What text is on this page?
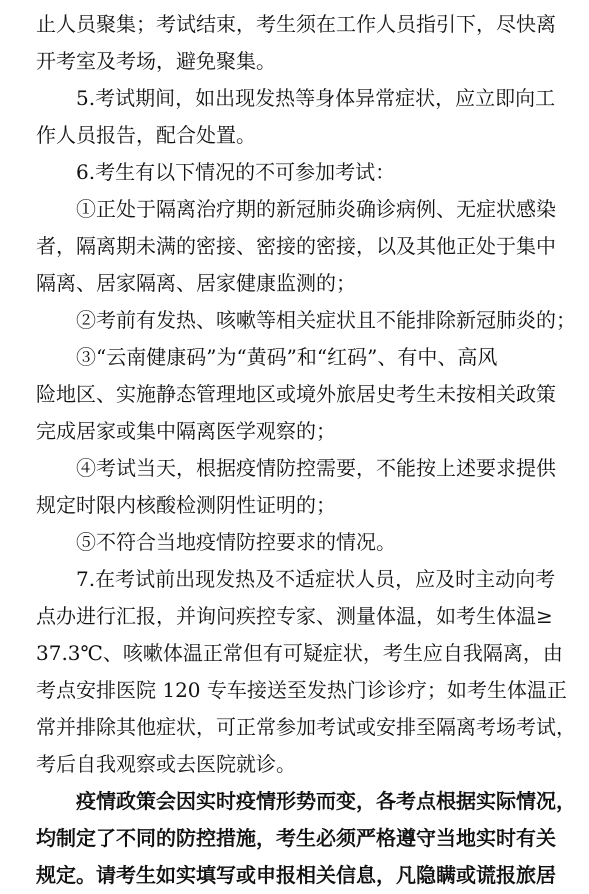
止人员聚集；考试结束，考生须在工作人员指引下，尽快离
开考室及考场，避免聚集。
5.考试期间，如出现发热等身体异常症状，应立即向工
作人员报告，配合处置。
6.考生有以下情况的不可参加考试：
①正处于隔离治疗期的新冠肺炎确诊病例、无症状感染
者，隔离期未满的密接、密接的密接，以及其他正处于集中
隔离、居家隔离、居家健康监测的；
②考前有发热、咳嗽等相关症状且不能排除新冠肺炎的；
③“云南健康码”为“黄码”和“红码”、有中、高风
险地区、实施静态管理地区或境外旅居史考生未按相关政策
完成居家或集中隔离医学观察的；
④考试当天，根据疫情防控需要，不能按上述要求提供
规定时限内核酸检测阴性证明的；
⑤不符合当地疫情防控要求的情况。
7.在考试前出现发热及不适症状人员，应及时主动向考
点办进行汇报，并询问疾控专家、测量体温，如考生体温≥
37.3℃、咳嗽体温正常但有可疑症状，考生应自我隔离，由
考点安排医院 120 专车接送至发热门诊诊疗；如考生体温正
常并排除其他症状，可正常参加考试或安排至隔离考场考试，
考后自我观察或去医院就诊。
疫情政策会因实时疫情形势而变，各考点根据实际情况，
均制定了不同的防控措施，考生必须严格遵守当地实时有关
规定。请考生如实填写或申报相关信息，凡隐瞒或谎报旅居
